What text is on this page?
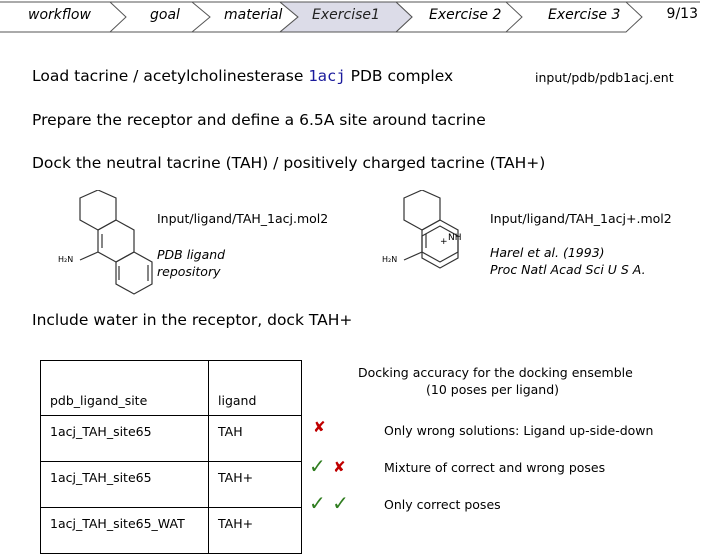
workflow	goal	material Exercise1	Exercise 2	Exercise 3	9/13
Load tacrine / acetylcholinesterase 1acj PDB complex	input/pdb/pdb1acj.ent
Prepare the receptor and define a 6.5A site around tacrine
Dock the neutral tacrine (TAH) / positively charged tacrine (TAH+)
H₂N
Input/ligand/TAH_1acj.mol2
PDB ligand
repository
H₂N
NH
+
Input/ligand/TAH_1acj+.mol2
Harel et al. (1993)
Proc Natl Acad Sci U S A.
Include water in the receptor, dock TAH+
pdb_ligand_site	ligand
1acj_TAH_site65	TAH
1acj_TAH_site65	TAH+
1acj_TAH_site65_WAT	TAH+
Docking accuracy for the docking ensemble
(10 poses per ligand)
✘	Only wrong solutions: Ligand up-side-down
✓ ✘	Mixture of correct and wrong poses
✓ ✓	Only correct poses
